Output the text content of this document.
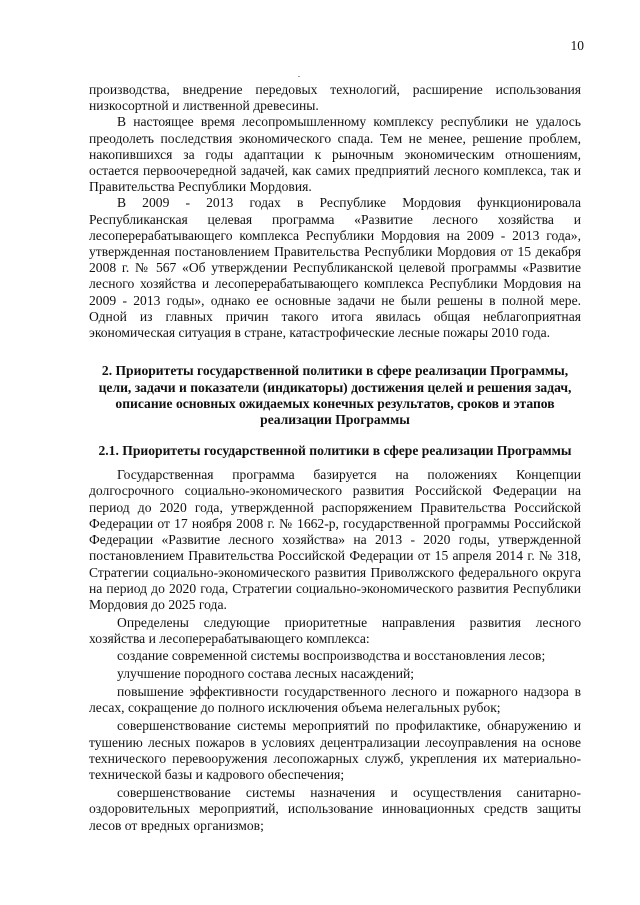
10

производства, внедрение передовых технологий, расширение использования низкосортной и лиственной древесины.

В настоящее время лесопромышленному комплексу республики не удалось преодолеть последствия экономического спада. Тем не менее, решение проблем, накопившихся за годы адаптации к рыночным экономическим отношениям, остается первоочередной задачей, как самих предприятий лесного комплекса, так и Правительства Республики Мордовия.

В 2009 - 2013 годах в Республике Мордовия функционировала Республиканская целевая программа «Развитие лесного хозяйства и лесоперерабатывающего комплекса Республики Мордовия на 2009 - 2013 года», утвержденная постановлением Правительства Республики Мордовия от 15 декабря 2008 г. № 567 «Об утверждении Республиканской целевой программы «Развитие лесного хозяйства и лесоперерабатывающего комплекса Республики Мордовия на 2009 - 2013 годы», однако ее основные задачи не были решены в полной мере. Одной из главных причин такого итога явилась общая неблагоприятная экономическая ситуация в стране, катастрофические лесные пожары 2010 года.

2. Приоритеты государственной политики в сфере реализации Программы, цели, задачи и показатели (индикаторы) достижения целей и решения задач, описание основных ожидаемых конечных результатов, сроков и этапов реализации Программы
2.1. Приоритеты государственной политики в сфере реализации Программы

Государственная программа базируется на положениях Концепции долгосрочного социально-экономического развития Российской Федерации на период до 2020 года, утвержденной распоряжением Правительства Российской Федерации от 17 ноября 2008 г. № 1662-р, государственной программы Российской Федерации «Развитие лесного хозяйства» на 2013 - 2020 годы, утвержденной постановлением Правительства Российской Федерации от 15 апреля 2014 г. № 318, Стратегии социально-экономического развития Приволжского федерального округа на период до 2020 года, Стратегии социально-экономического развития Республики Мордовия до 2025 года.

Определены следующие приоритетные направления развития лесного хозяйства и лесоперерабатывающего комплекса:

создание современной системы воспроизводства и восстановления лесов;

улучшение породного состава лесных насаждений;

повышение эффективности государственного лесного и пожарного надзора в лесах, сокращение до полного исключения объема нелегальных рубок;

совершенствование системы мероприятий по профилактике, обнаружению и тушению лесных пожаров в условиях децентрализации лесоуправления на основе технического перевооружения лесопожарных служб, укрепления их материально-технической базы и кадрового обеспечения;

совершенствование системы назначения и осуществления санитарно-оздоровительных мероприятий, использование инновационных средств защиты лесов от вредных организмов;
